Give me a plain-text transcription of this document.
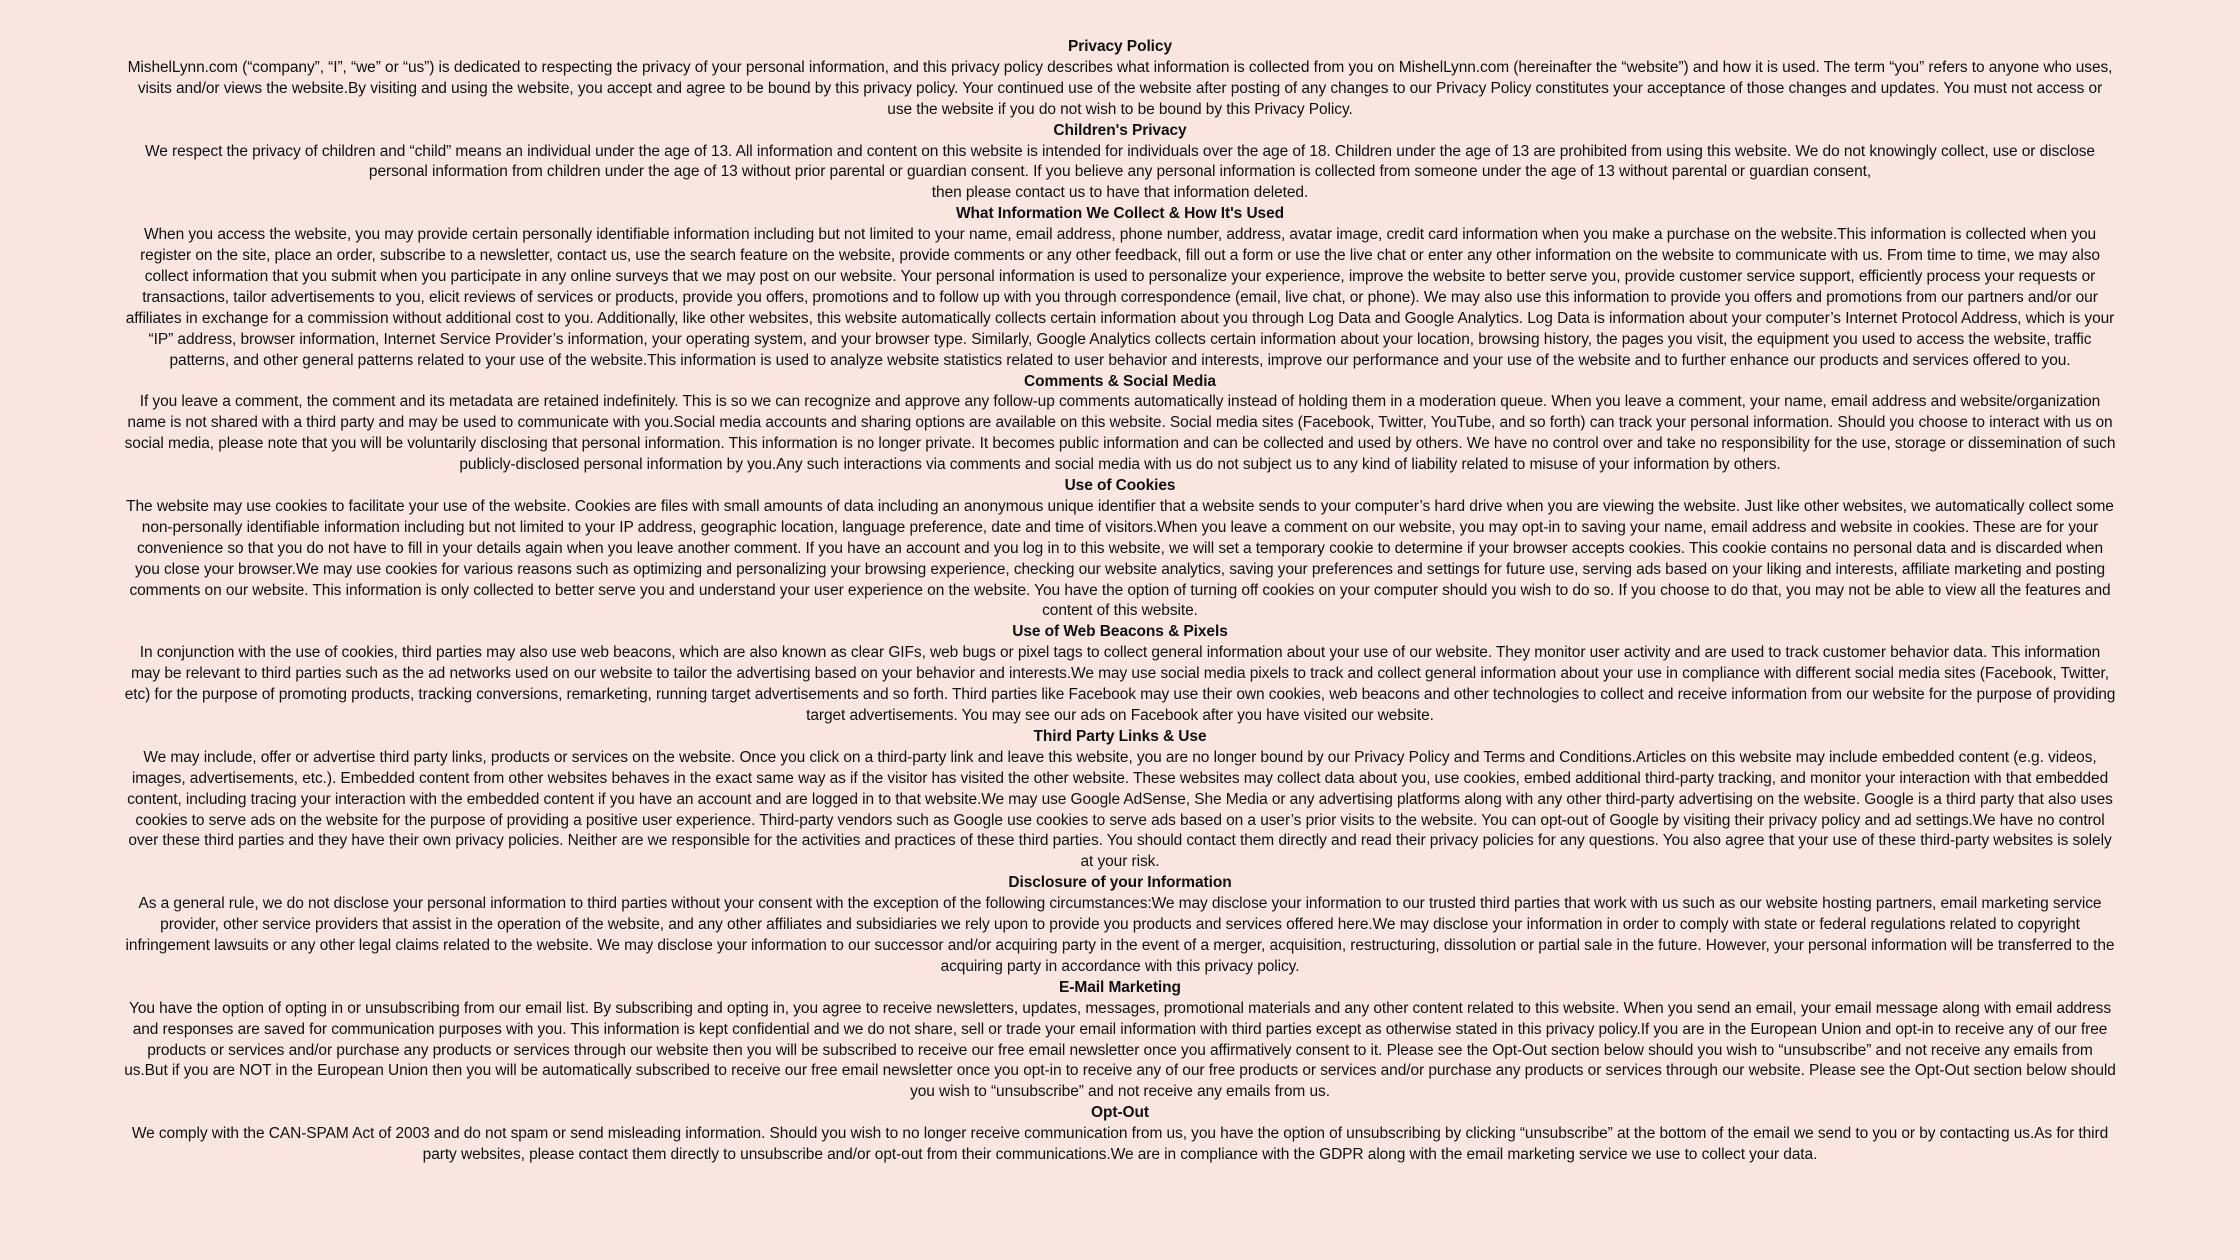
Privacy Policy

MishelLynn.com (“company”, “I”, “we” or “us”) is dedicated to respecting the privacy of your personal information, and this privacy policy describes what information is collected from you on MishelLynn.com (hereinafter the “website”) and how it is used. The term “you” refers to anyone who uses, visits and/or views the website.By visiting and using the website, you accept and agree to be bound by this privacy policy. Your continued use of the website after posting of any changes to our Privacy Policy constitutes your acceptance of those changes and updates. You must not access or use the website if you do not wish to be bound by this Privacy Policy.

Children's Privacy

We respect the privacy of children and “child” means an individual under the age of 13. All information and content on this website is intended for individuals over the age of 18. Children under the age of 13 are prohibited from using this website. We do not knowingly collect, use or disclose personal information from children under the age of 13 without prior parental or guardian consent. If you believe any personal information is collected from someone under the age of 13 without parental or guardian consent,
then please contact us to have that information deleted.

What Information We Collect & How It's Used

When you access the website, you may provide certain personally identifiable information including but not limited to your name, email address, phone number, address, avatar image, credit card information when you make a purchase on the website.This information is collected when you register on the site, place an order, subscribe to a newsletter, contact us, use the search feature on the website, provide comments or any other feedback, fill out a form or use the live chat or enter any other information on the website to communicate with us. From time to time, we may also collect information that you submit when you participate in any online surveys that we may post on our website. Your personal information is used to personalize your experience, improve the website to better serve you, provide customer service support, efficiently process your requests or transactions, tailor advertisements to you, elicit reviews of services or products, provide you offers, promotions and to follow up with you through correspondence (email, live chat, or phone). We may also use this information to provide you offers and promotions from our partners and/or our affiliates in exchange for a commission without additional cost to you. Additionally, like other websites, this website automatically collects certain information about you through Log Data and Google Analytics. Log Data is information about your computer’s Internet Protocol Address, which is your “IP” address, browser information, Internet Service Provider’s information, your operating system, and your browser type. Similarly, Google Analytics collects certain information about your location, browsing history, the pages you visit, the equipment you used to access the website, traffic patterns, and other general patterns related to your use of the website.This information is used to analyze website statistics related to user behavior and interests, improve our performance and your use of the website and to further enhance our products and services offered to you.

Comments & Social Media

If you leave a comment, the comment and its metadata are retained indefinitely. This is so we can recognize and approve any follow-up comments automatically instead of holding them in a moderation queue. When you leave a comment, your name, email address and website/organization name is not shared with a third party and may be used to communicate with you.Social media accounts and sharing options are available on this website. Social media sites (Facebook, Twitter, YouTube, and so forth) can track your personal information. Should you choose to interact with us on social media, please note that you will be voluntarily disclosing that personal information. This information is no longer private. It becomes public information and can be collected and used by others. We have no control over and take no responsibility for the use, storage or dissemination of such publicly-disclosed personal information by you.Any such interactions via comments and social media with us do not subject us to any kind of liability related to misuse of your information by others.

Use of Cookies

The website may use cookies to facilitate your use of the website. Cookies are files with small amounts of data including an anonymous unique identifier that a website sends to your computer’s hard drive when you are viewing the website. Just like other websites, we automatically collect some non-personally identifiable information including but not limited to your IP address, geographic location, language preference, date and time of visitors.When you leave a comment on our website, you may opt-in to saving your name, email address and website in cookies. These are for your convenience so that you do not have to fill in your details again when you leave another comment. If you have an account and you log in to this website, we will set a temporary cookie to determine if your browser accepts cookies. This cookie contains no personal data and is discarded when you close your browser.We may use cookies for various reasons such as optimizing and personalizing your browsing experience, checking our website analytics, saving your preferences and settings for future use, serving ads based on your liking and interests, affiliate marketing and posting comments on our website. This information is only collected to better serve you and understand your user experience on the website. You have the option of turning off cookies on your computer should you wish to do so. If you choose to do that, you may not be able to view all the features and content of this website.

Use of Web Beacons & Pixels

In conjunction with the use of cookies, third parties may also use web beacons, which are also known as clear GIFs, web bugs or pixel tags to collect general information about your use of our website. They monitor user activity and are used to track customer behavior data. This information may be relevant to third parties such as the ad networks used on our website to tailor the advertising based on your behavior and interests.We may use social media pixels to track and collect general information about your use in compliance with different social media sites (Facebook, Twitter, etc) for the purpose of promoting products, tracking conversions, remarketing, running target advertisements and so forth. Third parties like Facebook may use their own cookies, web beacons and other technologies to collect and receive information from our website for the purpose of providing target advertisements. You may see our ads on Facebook after you have visited our website.

Third Party Links & Use

We may include, offer or advertise third party links, products or services on the website. Once you click on a third-party link and leave this website, you are no longer bound by our Privacy Policy and Terms and Conditions.Articles on this website may include embedded content (e.g. videos, images, advertisements, etc.). Embedded content from other websites behaves in the exact same way as if the visitor has visited the other website. These websites may collect data about you, use cookies, embed additional third-party tracking, and monitor your interaction with that embedded content, including tracing your interaction with the embedded content if you have an account and are logged in to that website.We may use Google AdSense, She Media or any advertising platforms along with any other third-party advertising on the website. Google is a third party that also uses cookies to serve ads on the website for the purpose of providing a positive user experience. Third-party vendors such as Google use cookies to serve ads based on a user’s prior visits to the website. You can opt-out of Google by visiting their privacy policy and ad settings.We have no control over these third parties and they have their own privacy policies. Neither are we responsible for the activities and practices of these third parties. You should contact them directly and read their privacy policies for any questions. You also agree that your use of these third-party websites is solely at your risk.

Disclosure of your Information

As a general rule, we do not disclose your personal information to third parties without your consent with the exception of the following circumstances:We may disclose your information to our trusted third parties that work with us such as our website hosting partners, email marketing service provider, other service providers that assist in the operation of the website, and any other affiliates and subsidiaries we rely upon to provide you products and services offered here.We may disclose your information in order to comply with state or federal regulations related to copyright infringement lawsuits or any other legal claims related to the website. We may disclose your information to our successor and/or acquiring party in the event of a merger, acquisition, restructuring, dissolution or partial sale in the future. However, your personal information will be transferred to the acquiring party in accordance with this privacy policy.

E-Mail Marketing

You have the option of opting in or unsubscribing from our email list. By subscribing and opting in, you agree to receive newsletters, updates, messages, promotional materials and any other content related to this website. When you send an email, your email message along with email address and responses are saved for communication purposes with you. This information is kept confidential and we do not share, sell or trade your email information with third parties except as otherwise stated in this privacy policy.If you are in the European Union and opt-in to receive any of our free products or services and/or purchase any products or services through our website then you will be subscribed to receive our free email newsletter once you affirmatively consent to it. Please see the Opt-Out section below should you wish to “unsubscribe” and not receive any emails from us.But if you are NOT in the European Union then you will be automatically subscribed to receive our free email newsletter once you opt-in to receive any of our free products or services and/or purchase any products or services through our website. Please see the Opt-Out section below should you wish to “unsubscribe” and not receive any emails from us.

Opt-Out

We comply with the CAN-SPAM Act of 2003 and do not spam or send misleading information. Should you wish to no longer receive communication from us, you have the option of unsubscribing by clicking “unsubscribe” at the bottom of the email we send to you or by contacting us.As for third party websites, please contact them directly to unsubscribe and/or opt-out from their communications.We are in compliance with the GDPR along with the email marketing service we use to collect your data.
